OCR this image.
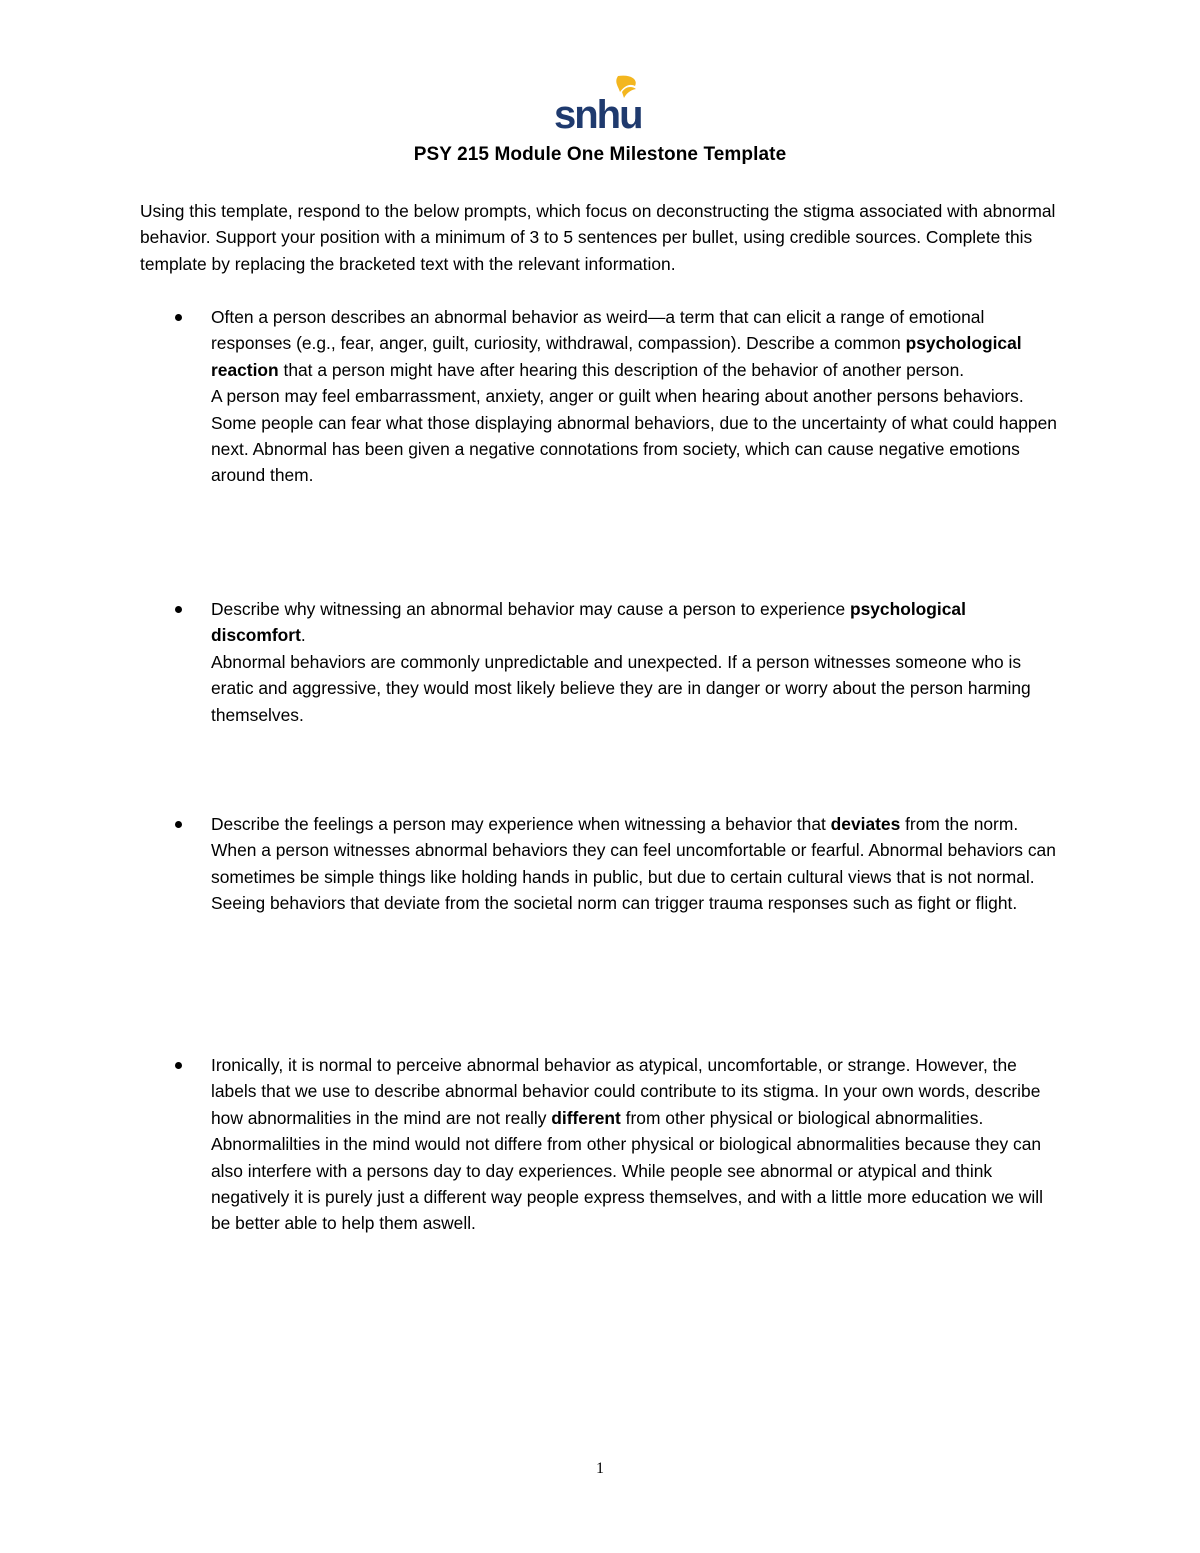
snhu
PSY 215 Module One Milestone Template
Using this template, respond to the below prompts, which focus on deconstructing the stigma associated with abnormal behavior. Support your position with a minimum of 3 to 5 sentences per bullet, using credible sources. Complete this template by replacing the bracketed text with the relevant information.
Often a person describes an abnormal behavior as weird—a term that can elicit a range of emotional responses (e.g., fear, anger, guilt, curiosity, withdrawal, compassion). Describe a common psychological reaction that a person might have after hearing this description of the behavior of another person.
A person may feel embarrassment, anxiety, anger or guilt when hearing about another persons behaviors. Some people can fear what those displaying abnormal behaviors, due to the uncertainty of what could happen next. Abnormal has been given a negative connotations from society, which can cause negative emotions around them.
Describe why witnessing an abnormal behavior may cause a person to experience psychological discomfort.
Abnormal behaviors are commonly unpredictable and unexpected. If a person witnesses someone who is eratic and aggressive, they would most likely believe they are in danger or worry about the person harming themselves.
Describe the feelings a person may experience when witnessing a behavior that deviates from the norm.
When a person witnesses abnormal behaviors they can feel uncomfortable or fearful. Abnormal behaviors can sometimes be simple things like holding hands in public, but due to certain cultural views that is not normal. Seeing behaviors that deviate from the societal norm can trigger trauma responses such as fight or flight.
Ironically, it is normal to perceive abnormal behavior as atypical, uncomfortable, or strange. However, the labels that we use to describe abnormal behavior could contribute to its stigma. In your own words, describe how abnormalities in the mind are not really different from other physical or biological abnormalities.
Abnormalilties in the mind would not differe from other physical or biological abnormalities because they can also interfere with a persons day to day experiences. While people see abnormal or atypical and think negatively it is purely just a different way people express themselves, and with a little more education we will be better able to help them aswell.
1
